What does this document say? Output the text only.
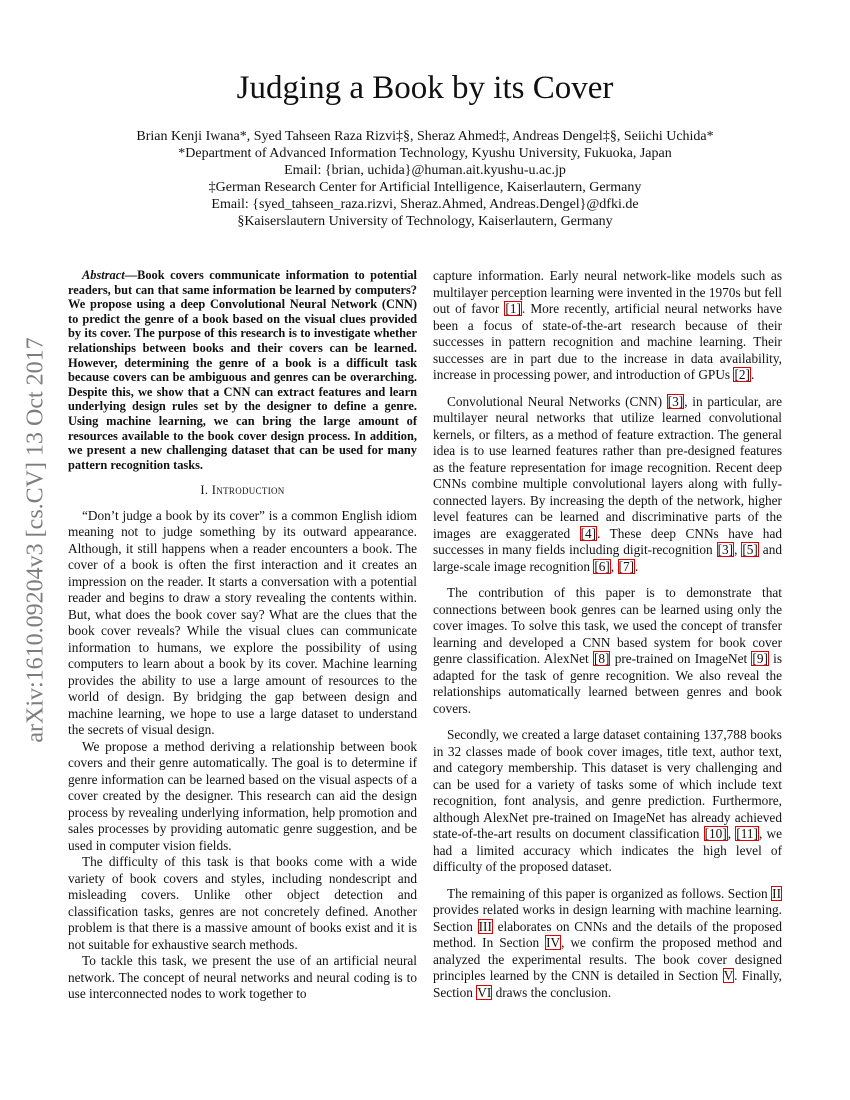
Judging a Book by its Cover
Brian Kenji Iwana*, Syed Tahseen Raza Rizvi‡§, Sheraz Ahmed‡, Andreas Dengel‡§, Seiichi Uchida*
*Department of Advanced Information Technology, Kyushu University, Fukuoka, Japan
Email: {brian, uchida}@human.ait.kyushu-u.ac.jp
‡German Research Center for Artificial Intelligence, Kaiserlautern, Germany
Email: {syed_tahseen_raza.rizvi, Sheraz.Ahmed, Andreas.Dengel}@dfki.de
§Kaiserslautern University of Technology, Kaiserlautern, Germany
arXiv:1610.09204v3 [cs.CV] 13 Oct 2017

Abstract—Book covers communicate information to potential readers, but can that same information be learned by computers? We propose using a deep Convolutional Neural Network (CNN) to predict the genre of a book based on the visual clues provided by its cover. The purpose of this research is to investigate whether relationships between books and their covers can be learned. However, determining the genre of a book is a difficult task because covers can be ambiguous and genres can be overarching. Despite this, we show that a CNN can extract features and learn underlying design rules set by the designer to define a genre. Using machine learning, we can bring the large amount of resources available to the book cover design process. In addition, we present a new challenging dataset that can be used for many pattern recognition tasks.

I. Introduction

“Don’t judge a book by its cover” is a common English idiom meaning not to judge something by its outward appearance. Although, it still happens when a reader encounters a book. The cover of a book is often the first interaction and it creates an impression on the reader. It starts a conversation with a potential reader and begins to draw a story revealing the contents within. But, what does the book cover say? What are the clues that the book cover reveals? While the visual clues can communicate information to humans, we explore the possibility of using computers to learn about a book by its cover. Machine learning provides the ability to use a large amount of resources to the world of design. By bridging the gap between design and machine learning, we hope to use a large dataset to understand the secrets of visual design.

We propose a method deriving a relationship between book covers and their genre automatically. The goal is to determine if genre information can be learned based on the visual aspects of a cover created by the designer. This research can aid the design process by revealing underlying information, help promotion and sales processes by providing automatic genre suggestion, and be used in computer vision fields.

The difficulty of this task is that books come with a wide variety of book covers and styles, including nondescript and misleading covers. Unlike other object detection and classification tasks, genres are not concretely defined. Another problem is that there is a massive amount of books exist and it is not suitable for exhaustive search methods.

To tackle this task, we present the use of an artificial neural network. The concept of neural networks and neural coding is to use interconnected nodes to work together to

capture information. Early neural network-like models such as multilayer perception learning were invented in the 1970s but fell out of favor [1]. More recently, artificial neural networks have been a focus of state-of-the-art research because of their successes in pattern recognition and machine learning. Their successes are in part due to the increase in data availability, increase in processing power, and introduction of GPUs [2].

Convolutional Neural Networks (CNN) [3], in particular, are multilayer neural networks that utilize learned convolutional kernels, or filters, as a method of feature extraction. The general idea is to use learned features rather than pre-designed features as the feature representation for image recognition. Recent deep CNNs combine multiple convolutional layers along with fully-connected layers. By increasing the depth of the network, higher level features can be learned and discriminative parts of the images are exaggerated [4]. These deep CNNs have had successes in many fields including digit-recognition [3], [5] and large-scale image recognition [6], [7].

The contribution of this paper is to demonstrate that connections between book genres can be learned using only the cover images. To solve this task, we used the concept of transfer learning and developed a CNN based system for book cover genre classification. AlexNet [8] pre-trained on ImageNet [9] is adapted for the task of genre recognition. We also reveal the relationships automatically learned between genres and book covers.

Secondly, we created a large dataset containing 137,788 books in 32 classes made of book cover images, title text, author text, and category membership. This dataset is very challenging and can be used for a variety of tasks some of which include text recognition, font analysis, and genre prediction. Furthermore, although AlexNet pre-trained on ImageNet has already achieved state-of-the-art results on document classification [10], [11], we had a limited accuracy which indicates the high level of difficulty of the proposed dataset.

The remaining of this paper is organized as follows. Section II provides related works in design learning with machine learning. Section III elaborates on CNNs and the details of the proposed method. In Section IV, we confirm the proposed method and analyzed the experimental results. The book cover designed principles learned by the CNN is detailed in Section V. Finally, Section VI draws the conclusion.
